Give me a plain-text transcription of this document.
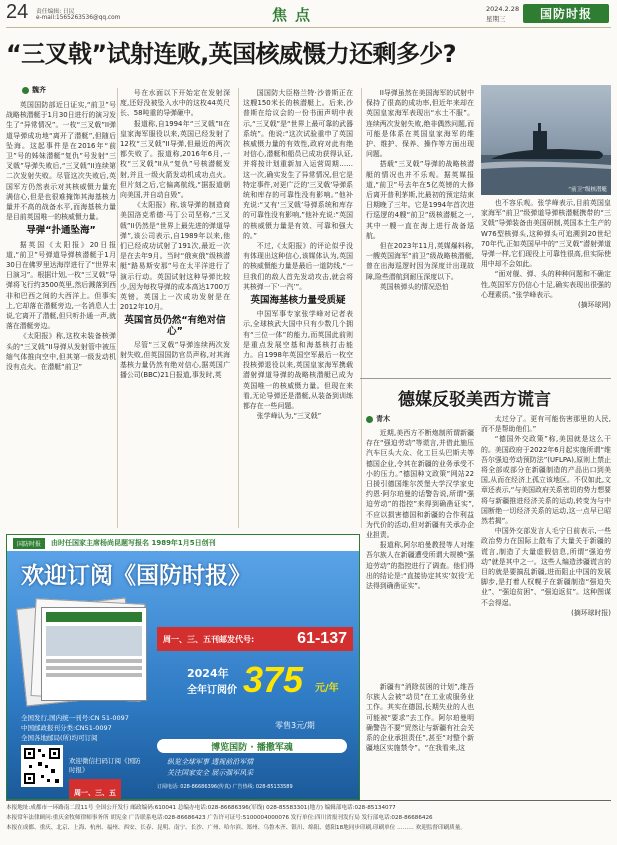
24 责任编辑: 日民
e-mail:1565263536@qq.com	焦点	2024.2.28
星期三	国防时报
“三叉戟”试射连败,英国核威慑力还剩多少?
魏齐

英国国防部近日证实,“前卫”号战略核潜艇于1月30日进行的演习发生了“异常情况”。一枚“三叉戟”II弹道导弹成功地“离开了潜艇”,但随后坠海。这起事件是在2016年“前卫”号的姊妹潜艇“复仇”号发射“三叉戟”导弹失败后,“三叉戟”II连续第二次发射失败。尽管这次失败后,英国军方仍然表示对其核威慑力量充满信心,但是也很难掩饰其海基核力量并不高的战备水平,而海基核力量是目前英国唯一的核威慑力量。

导弹“扑通坠海”

据英国《太阳报》20日报道,“前卫”号弹道导弹核潜艇于1月30日在佛罗里达海岸进行了“世界末日演习”。根据计划,一枚“三叉戟”导弹将飞行约3500英里,然后溅落到西非和巴西之间的大西洋上。但事实上,它却落在潜艇旁边,一名消息人士说,它离开了潜艇,但只听扑通一声,就落在潜艇旁边。

《太阳报》称,这枚未装备核弹头的“三叉戟”II导弹从发射管中被压缩气体推向空中,但其第一级发动机没有点火。在潜艇“前卫”

号在水面以下开始定在发射深度,还好没被坠入水中的这枚44英尺长、58吨重的导弹砸中。

报道称,自1994年“三叉戟”II在皇家海军服役以来,英国已经发射了12枚“三叉戟”II导弹,但最近的两次都失败了。报道称,2016年6月,一枚“三叉戟”II从“复仇”号核潜艇发射,并且一级火箭发动机成功点火。但片刻之后,它偏离航线,“据报道朝向美国,并自动自毁”。

《太阳报》称,该导弹的制造商美国洛克希德·马丁公司坚称,“三叉戟”II仍然是“世界上最先进的弹道导弹”,该公司表示,自1989年以来,他们已经成功试射了191次,最近一次是在去年9月。当时“俄亥俄”级核潜艇“路易斯安那”号在太平洋进行了演示行动。英国试射这种导弹比较少,因为每枚导弹的成本高达1700万英镑。英国上一次成功发射是在2012年10月。

英国官员仍然“有绝对信心”

尽管“三叉戟”导弹连续两次发射失败,但英国国防官员声称,对其海基核力量仍然有绝对信心,据英国广播公司(BBC)21日报道,事发时,英

国国防大臣格兰特·沙普斯正在这艘150米长的核潜艇上。后来,沙普斯在给议会的一份书面声明中表示,“三叉戟”是“世界上最可靠的武器系统”。他说:“这次试验重申了英国核威慑力量的有效性,政府对此有绝对信心,潜艇和船员已成功获得认证,并将按计划重新加入运营周期……这一次,确实发生了异常情况,但它是特定事件,对更广泛的‘三叉戟’导弹系统和库存的可靠性没有影响。”他补充说:“又有‘三叉戟’导弹系统和库存的可靠性没有影响,”他补充说:“英国的核威慑力量是有效、可靠和强大的。”

不过,《太阳报》的评论似乎没有体现出这种信心,该媒体认为,英国的核威慑能力量是最后一道防线,“一旦我们的敌人首先发动攻击,就会将其核弹一下‘一汽’”。

英国海基核力量受质疑

中国军事专家张学峰对记者表示,全球核武大国中只有少数几个拥有“三位一体”的能力,而英国此前则是重点发展空基和海基核打击能力。自1998年英国空军最后一枚空投核弹退役以来,英国皇家海军携载潜射弹道导弹的战略核潜艇已成为英国唯一的核威慑力量。但现在来看,无论导弹还是潜艇,从装备到训练都存在一些问题。

张学峰认为,“三叉戟”

II导弹虽然在美国海军的试射中保持了很高的成功率,但近年来却在英国皇家海军表现出“水土不服”。连续两次发射失败,绝非偶然问题,而可能是体系在英国皇家海军的维护、维护、保养、操作等方面出现问题。

搭载“三叉戟”导弹的战略核潜艇的情况也并不乐观。据英媒报道,“前卫”号去年在5亿英镑的大修后离开普利茅斯,比最初的预定结束日期晚了三年。它是1994年首次进行巡逻的4艘“前卫”级核潜艇之一,其中一艘一直在海上进行战备巡航。

但在2023年11月,英媒爆料称,一艘英国海军“前卫”级战略核潜艇,曾在出海巡逻时因为深度计出现故障,险些潜航到耐压深度以下。

英国核弹头的情况恐怕

“前卫”级核潜艇

也不容乐观。张学峰表示,目前英国皇家海军“前卫”级弹道导弹核潜艇携带的“三叉戟”导弹装备由美国研制,英国本土生产的W76型核弹头,这种弹头可追溯到20世纪70年代,正如英国早中的“三叉戟”潜射弹道导弹一样,它们现役上可靠性很高,但实际使用中却不会如此。

“面对舰、弹、头的种种问题和不确定性,英国军方仍信心十足,确实表现出很强的心理素质。”张学峰表示。

(摘环球网)

德媒反驳美西方谎言
青木

近期,美西方不断炮制所谓新疆存在“强迫劳动”等谎言,并借此施压汽车巨头大众、化工巨头巴斯夫等德国企业,令其在新疆的业务承受不小的压力。”德国种文政策”网站22日援引德国维尔茨堡大学汉学家史约恩·阿尔珀曼的话警告说,所谓“强迫劳动”的指控”来得到确凿证实”,不应以损害德国和新疆的合作利益为代价的活动,但对新疆有关承办企业担责。

报道称,阿尔珀曼教授等人对维吾尔族人在新疆遭受所谓大规模“强迫劳动”的指控进行了调查。他们得出的结论是:“直接协定其实‘奴役’无法得到确凿证实”。

新疆有“消除贫困的计划”,维吾尔族人会被“动员”在工业或服务业工作。其实在德国,长期失业的人也可能被“要求”去工作。阿尔珀曼明确警告不要“贸然让与新疆有社会关系的企业承担责任”,甚至“对整个新疆地区实施禁令”。“在我看来,这

太过分了。更有可能伤害那里的人民,而不是帮助他们。”

“德国外交政策”称,美国就是这么干的。美国政府于2022年6月起实施所谓“维吾尔强迫劳动预防法”(UFLPA),原则上禁止将全部或部分在新疆制造的产品出口到美国,从而在经济上孤立该地区。不仅如此,文章还表示,“与美国政府关系密切的势力想要将与新疆推进经济关系的运动,转变为与中国断绝一切经济关系的运动,这一点早已昭然若揭”。

中国外交部发言人毛宁日前表示,一些政治势力在国际上散布了大量关于新疆的谎言,制造了大量虚假信息,所谓“强迫劳动”就是其中之一。这些人编造涉疆谎言的目的就是要搞乱新疆,进而阻止中国的发展脚步,是打着人权幌子在新疆制造“强迫失业”、“强迫贫困”、“强迫返贫”。这种图谋不会得逞。

(摘环球时报)

国防时报	由时任国家主席杨尚昆题写报名 1989年1月5日创刊
欢迎订阅《国防时报》
周一、三、五刊邮发代号:	61-137
2024年
全年订阅价 375 元/年
零售3元/期
全国发行,国内统一刊号:CN 51-0097
中国邮政报刊分类:CN51-0097
全国各地邮局(所)均可订阅
欢迎微信扫码订阅《国防时报》
周一、三、五
博览国防 · 播撒军魂
纵览全球军事 透视前沿军情
关注国家安全 展示强军风采
订阅电话: 028-86686396(传真) 广告热线: 028-85133589
本报地址:成都市一环路南二段11号 全国公开发行 邮政编码:610041 总编办电话:028-86686396(军线) 028-85583301(地方) 编辑部电话:028-85134077
本报常年法律顾问:重庆金牧师律师事务所 胡宪金 广告联系电话:028-86686423 广告许可证号:5100004000076 发行单位:四川省报刊发行局 发行部电话:028-86686426
本报在成都、重庆、北京、上海、杭州、福州、西安、长春、昆明、南宁、长沙、广州、哈尔滨、郑州、乌鲁木齐、银川、绵阳、德阳18地同步印刷,印刷单位 ……… 欢迎监督印刷质量。
